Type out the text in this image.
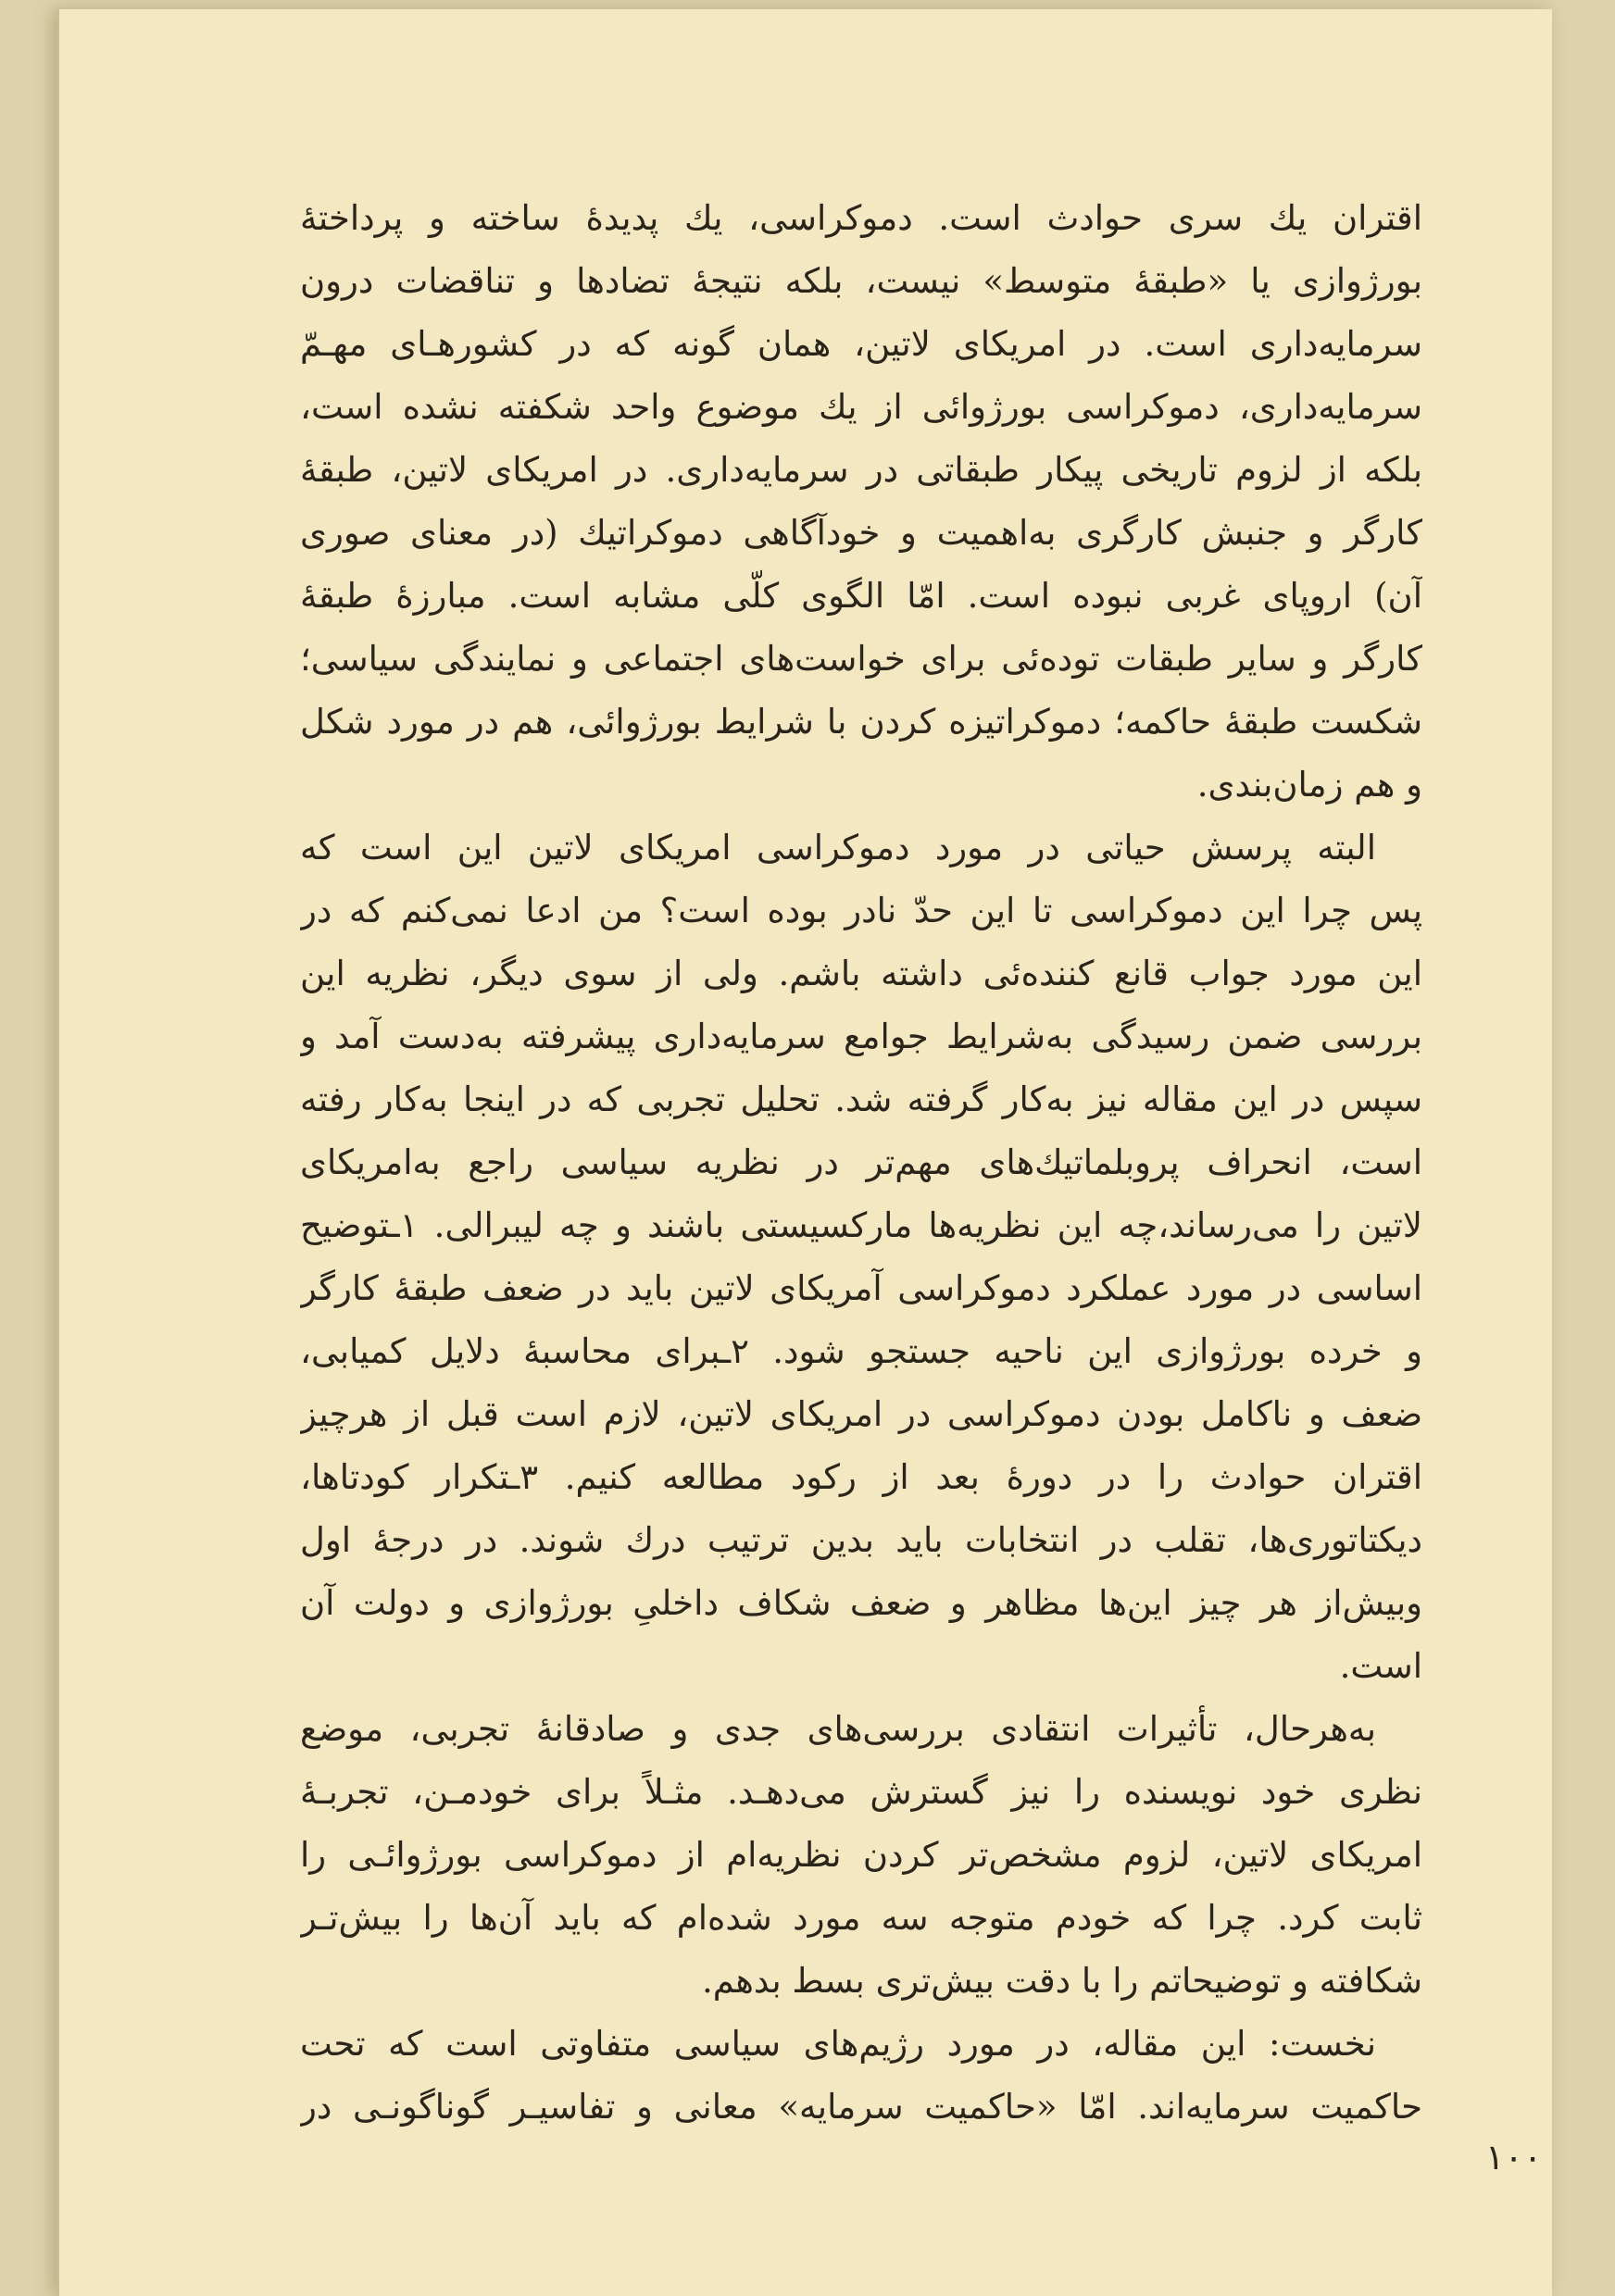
اقتران یك سری حوادث است. دموكراسی، یك پدیدهٔ ساخته و پرداختهٔ
بورژوازی یا «طبقهٔ متوسط» نیست، بلكه نتیجهٔ تضادها و تناقضات درون
سرمایه‌داری است. در امریکای لاتین، همان گونه که در کشورهـای مهـمّ
سرمایه‌داری، دموکراسی بورژوائی از یك موضوع واحد شکفته نشده است،
بلکه از لزوم تاریخی پیکار طبقاتی در سرمایه‌داری. در امریکای لاتین، طبقهٔ
کارگر و جنبش کارگری به‌اهمیت و خودآگاهی دموکراتیك (در معنای صوری
آن) اروپای غربی نبوده است. امّا الگوی کلّی مشابه است. مبارزهٔ طبقهٔ
کارگر و سایر طبقات توده‌ئی برای خواست‌های اجتماعی و نمایندگی سیاسی؛
شکست طبقهٔ حاکمه؛ دموکراتیزه کردن با شرایط بورژوائی، هم در مورد شکل
و هم زمان‌بندی.
البته پرسش حیاتی در مورد دموکراسی امریکای لاتین این است که
پس چرا این دموکراسی تا این حدّ نادر بوده است؟ من ادعا نمی‌کنم که در
این مورد جواب قانع کننده‌ئی داشته باشم. ولی از سوی دیگر، نظریه این
بررسی ضمن رسیدگی به‌شرایط جوامع سرمایه‌داری پیشرفته به‌دست آمد و
سپس در این مقاله نیز به‌کار گرفته شد. تحلیل تجربی که در اینجا به‌کار رفته
است، انحراف پروبلماتیك‌های مهم‌تر در نظریه سیاسی راجع به‌امریکای
لاتین را می‌رساند،چه این نظریه‌ها مارکسیستی باشند و چه لیبرالی. ۱ـتوضیح
اساسی در مورد عملکرد دموکراسی آمریکای لاتین باید در ضعف طبقهٔ کارگر
و خرده بورژوازی این ناحیه جستجو شود. ۲ـبرای محاسبهٔ دلایل کمیابی،
ضعف و ناکامل بودن دموکراسی در امریکای لاتین، لازم است قبل از هرچیز
اقتران حوادث را در دورهٔ بعد از رکود مطالعه کنیم. ۳ـتکرار کودتاها،
دیکتاتوری‌ها، تقلب در انتخابات باید بدین ترتیب درك شوند. در درجهٔ اول
وبیش‌از هر چیز این‌ها مظاهر و ضعف شکاف داخلیِ بورژوازی و دولت آن
است.
به‌هرحال، تأثیرات انتقادی بررسی‌های جدی و صادقانهٔ تجربی، موضع
نظری خود نویسنده را نیز گسترش می‌دهـد. مثـلاً برای خودمـن، تجربـهٔ
امریکای لاتین، لزوم مشخص‌تر کردن نظریه‌ام از دموکراسی بورژوائـی را
ثابت کرد. چرا که خودم متوجه سه مورد شده‌ام که باید آن‌ها را بیش‌تـر
شکافته و توضیحاتم را با دقت بیش‌تری بسط بدهم.
نخست: این مقاله، در مورد رژیم‌های سیاسی متفاوتی است که تحت
حاکمیت سرمایه‌اند. امّا «حاکمیت سرمایه» معانی و تفاسیـر گوناگونـی در
۱۰۰
